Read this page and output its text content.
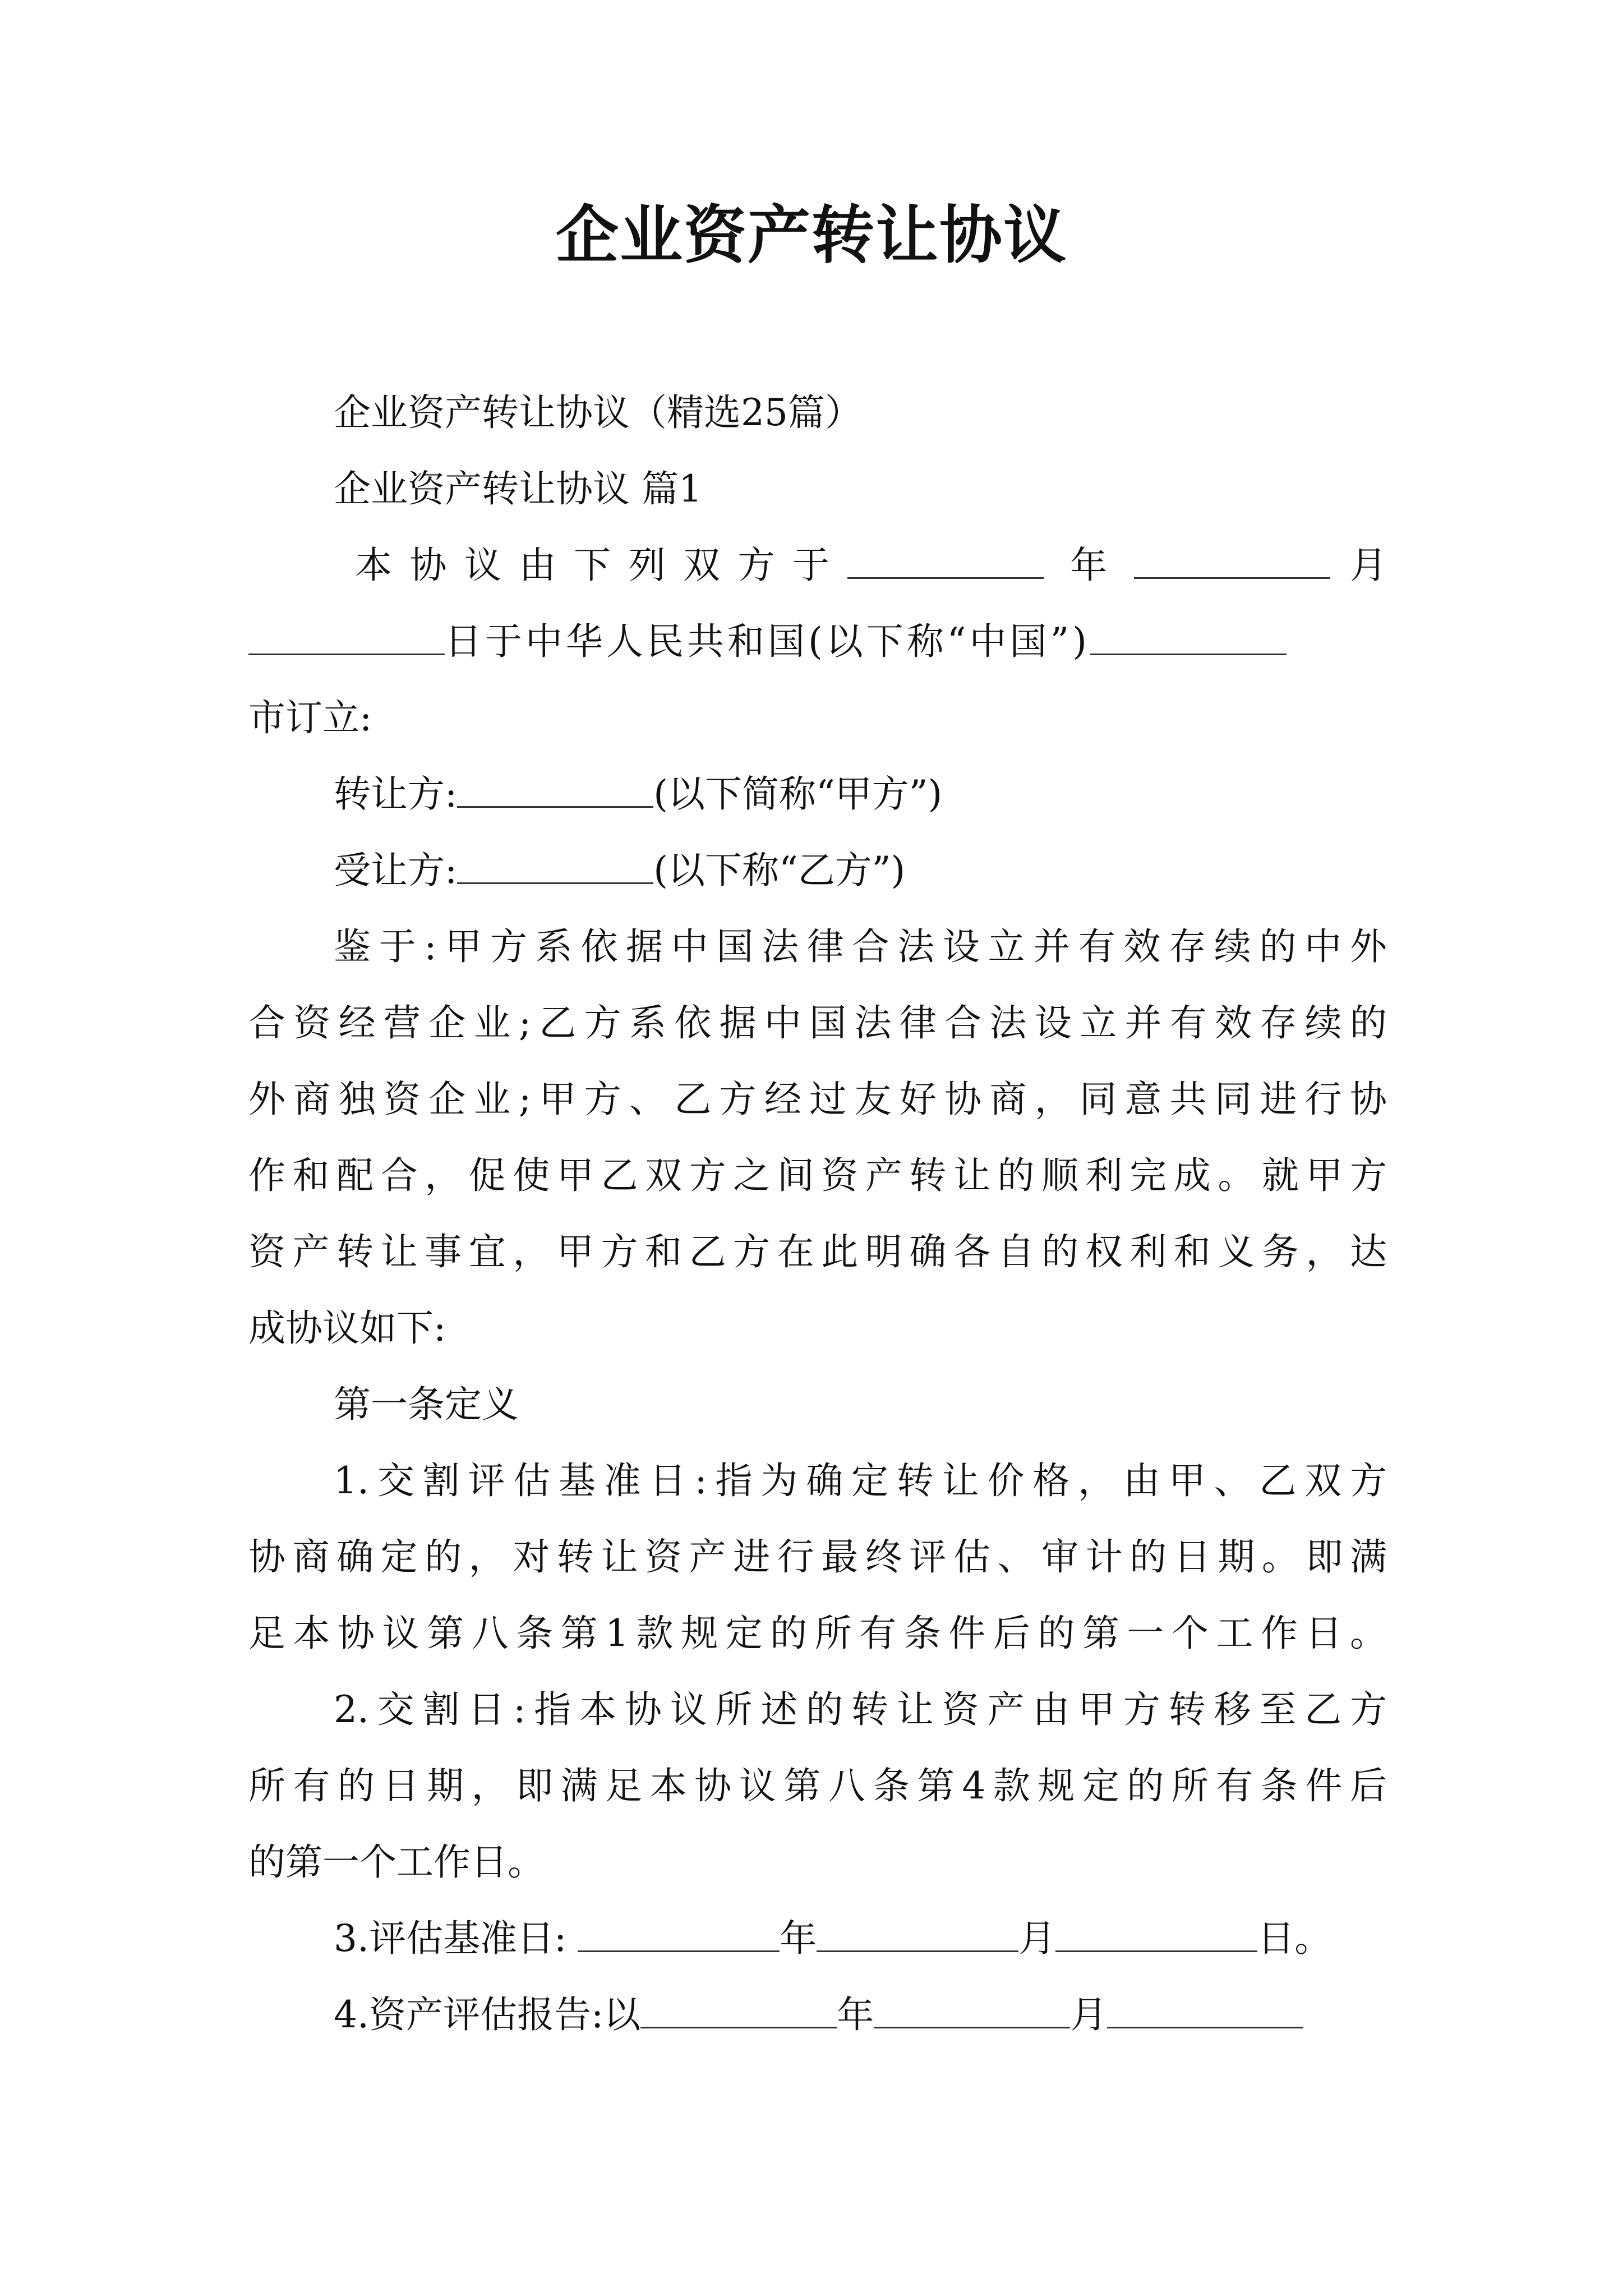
企业资产转让协议
企业资产转让协议（精选25篇）
企业资产转让协议 篇1
本协议由下列双方于	年	月
日于中华人民共和国(以下称“中国”)
市订立:
转让方:	(以下简称“甲方”)
受让方:	(以下称“乙方”)
鉴于:甲方系依据中国法律合法设立并有效存续的中外
合资经营企业;乙方系依据中国法律合法设立并有效存续的
外商独资企业;甲方、乙方经过友好协商，同意共同进行协
作和配合，促使甲乙双方之间资产转让的顺利完成。就甲方
资产转让事宜，甲方和乙方在此明确各自的权利和义务，达
成协议如下:
第一条定义
1.交割评估基准日:指为确定转让价格，由甲、乙双方
协商确定的，对转让资产进行最终评估、审计的日期。即满
足本协议第八条第1款规定的所有条件后的第一个工作日。
2.交割日:指本协议所述的转让资产由甲方转移至乙方
所有的日期，即满足本协议第八条第4款规定的所有条件后
的第一个工作日。
3.评估基准日:	年	月	日。
4.资产评估报告:以	年	月
